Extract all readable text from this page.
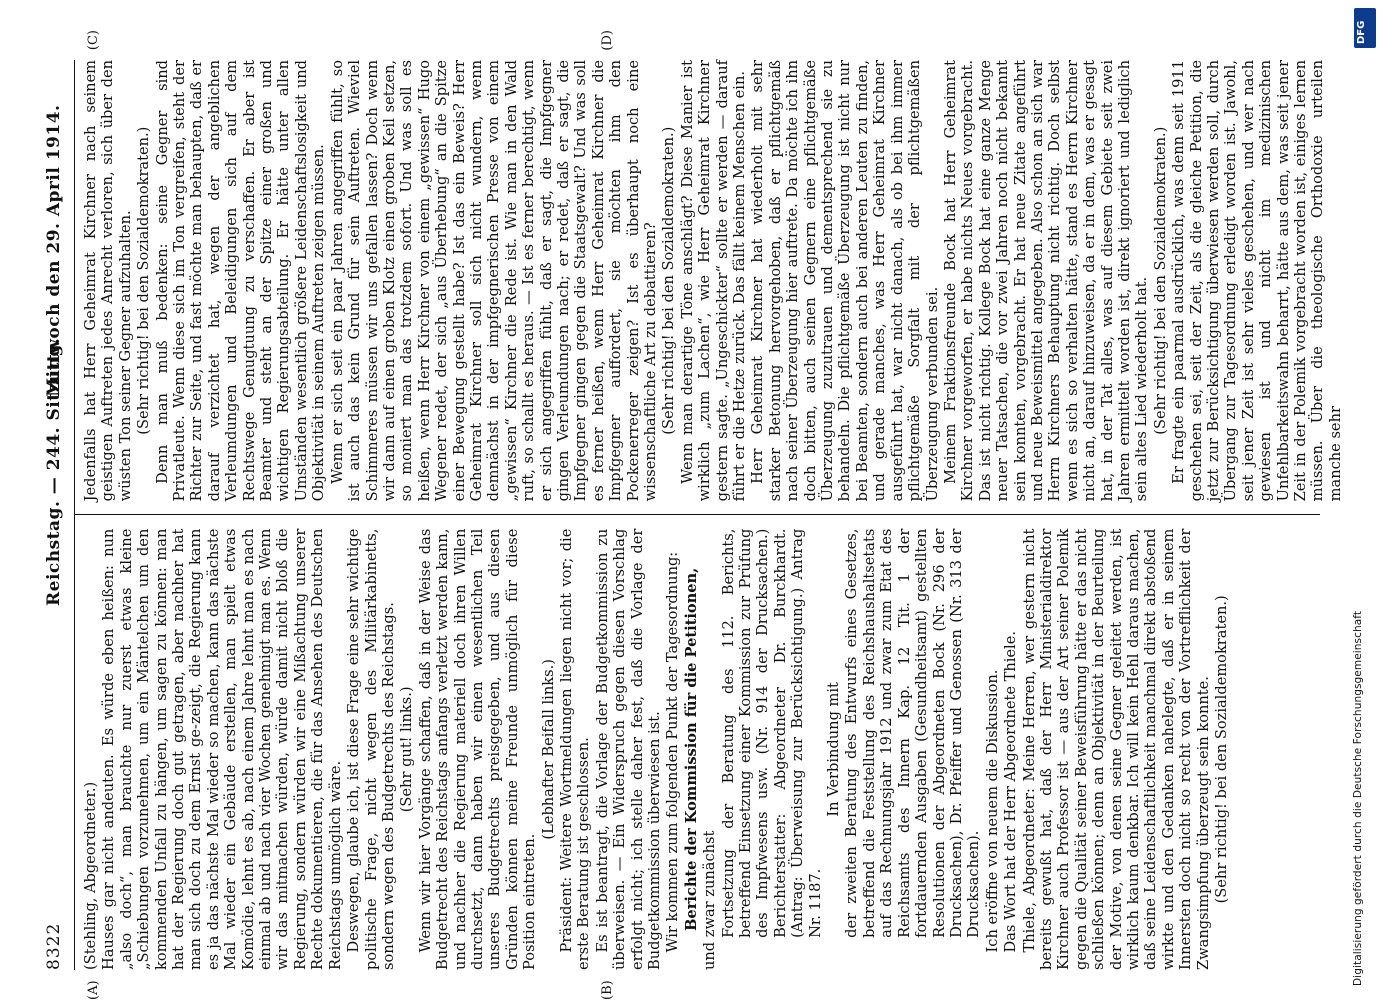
8322
Reichstag. — 244. Sitzung.
Mittwoch den 29. April 1914.
(A)	(B)
(C)	(D)

(Stehling, Abgeordneter.) Hauses gar nicht andeuten. Es würde eben heißen: nun „also doch“, man brauchte nur zuerst etwas kleine „Schiebungen vorzunehmen, um ein Mäntelchen um den kommenden Unfall zu hängen, um sagen zu können: man hat der Regierung doch gut getragen, aber nachher hat man sich doch zu dem Ernst ge-zeigt, die Regierung kann es ja das nächste Mal wieder so machen, kann das nächste Mal wieder ein Gebäude erstellen, man spielt etwas Komödie, lehnt es ab, nach einem Jahre lehnt man es nach einmal ab und nach vier Wochen genehmigt man es. Wenn wir das mitmachen würden, würde damit nicht bloß die Regierung, sondern würden wir eine Mißachtung unserer Rechte dokumentieren, die für das Ansehen des Deutschen Reichstags unmöglich wäre. Deswegen, glaube ich, ist diese Frage eine sehr wichtige politische Frage, nicht wegen des Militärkabinetts, sondern wegen des Budgetrechts des Reichstags. (Sehr gut! links.) Wenn wir hier Vorgänge schaffen, daß in der Weise das Budgetrecht des Reichstags anfangs verletzt werden kann, und nachher die Regierung materiell doch ihren Willen durchsetzt, dann haben wir einen wesentlichen Teil unseres Budgetrechts preisgegeben, und aus diesen Gründen können meine Freunde unmöglich für diese Position eintreten.

(Lebhafter Beifall links.) Präsident: Weitere Wortmeldungen liegen nicht vor; die erste Beratung ist geschlossen. Es ist beantragt, die Vorlage der Budgetkommission zu überweisen. — Ein Widerspruch gegen diesen Vorschlag erfolgt nicht; ich stelle daher fest, daß die Vorlage der Budgetkommission überwiesen ist. Wir kommen zum folgenden Punkt der Tagesordnung: Berichte der Kommission für die Petitionen, und zwar zunächst Fortsetzung der Beratung des 112. Berichts, betreffend Einsetzung einer Kommission zur Prüfung des Impfwesens usw. (Nr. 914 der Drucksachen.) Berichterstatter: Abgeordneter Dr. Burckhardt. (Antrag: Überweisung zur Berücksichtigung.) Antrag Nr. 1187.

In Verbindung mit der zweiten Beratung des Entwurfs eines Gesetzes, betreffend die Feststellung des Reichshaushaltsetats auf das Rechnungsjahr 1912 und zwar zum Etat des Reichsamts des Innern Kap. 12 Tit. 1 der fortdauernden Ausgaben (Gesundheitsamt) gestellten Resolutionen der Abgeordneten Bock (Nr. 296 der Drucksachen), Dr. Pfeiffer und Genossen (Nr. 313 der Drucksachen). Ich eröffne von neuem die Diskussion. Das Wort hat der Herr Abgeordnete Thiele. Thiele, Abgeordneter: Meine Herren, wer gestern nicht bereits gewußt hat, daß der Herr Ministerialdirektor Kirchner auch Professor ist — aus der Art seiner Polemik gegen die Qualität seiner Beweisführung hätte er das nicht schließen können; denn an Objektivität in der Beurteilung der Motive, von denen seine Gegner geleitet werden, ist wirklich kaum denkbar. Ich will kein Hehl daraus machen, daß seine Leidenschaftlichkeit manchmal direkt abstoßend wirkte und den Gedanken nahelegte, daß er in seinem Innersten doch nicht so recht von der Vortrefflichkeit der Zwangsimpfung überzeugt sein konnte. (Sehr richtig! bei den Sozialdemokraten.)

Jedenfalls hat Herr Geheimrat Kirchner nach seinem geistigen Auftreten jedes Anrecht verloren, sich über den wüsten Ton seiner Gegner aufzuhalten. (Sehr richtig! bei den Sozialdemokraten.) Denn man muß bedenken: seine Gegner sind Privatleute. Wenn diese sich im Ton vergreifen, steht der Richter zur Seite, und fast möchte man behaupten, daß er darauf verzichtet hat, wegen der angeblichen Verleumdungen und Beleidigungen sich auf dem Rechtswege Genugtuung zu verschaffen. Er aber ist Beamter und steht an der Spitze einer großen und wichtigen Regierungsabteilung. Er hätte unter allen Umständen wesentlich größere Leidenschaftslosigkeit und Objektivität in seinem Auftreten zeigen müssen. Wenn er sich seit ein paar Jahren angegriffen fühlt, so ist auch das kein Grund für sein Auftreten. Wieviel Schimmeres müssen wir uns gefallen lassen? Doch wenn wir dann auf einen groben Klotz einen groben Keil setzen, so moniert man das trotzdem sofort. Und was soll es heißen, wenn Herr Kirchner von einem „gewissen“ Hugo Wegener redet, der sich „aus Überhebung“ an die Spitze einer Bewegung gestellt habe? Ist das ein Beweis? Herr Geheimrat Kirchner soll sich nicht wundern, wenn demnächst in der impfgegnerischen Presse von einem „gewissen“ Kirchner die Rede ist. Wie man in den Wald ruft, so schallt es heraus. — Ist es ferner berechtigt, wenn er sich angegriffen fühlt, daß er sagt, die Impfgegner gingen Verleumdungen nach; er redet, daß er sagt, die Impfgegner gingen gegen die Staatsgewalt? Und was soll es ferner heißen, wenn Herr Geheimrat Kirchner die Impfgegner auffordert, sie möchten ihm den Pockenerreger zeigen? Ist es überhaupt noch eine wissenschaftliche Art zu debattieren? (Sehr richtig! bei den Sozialdemokraten.) Wenn man derartige Töne anschlägt? Diese Manier ist wirklich „zum Lachen“, wie Herr Geheimrat Kirchner gestern sagte. „Ungeschickter“ sollte er werden — darauf führt er die Hetze zurück. Das fällt keinem Menschen ein. Herr Geheimrat Kirchner hat wiederholt mit sehr starker Betonung hervorgehoben, daß er pflichtgemäß nach seiner Überzeugung hier auftrete. Da möchte ich ihn doch bitten, auch seinen Gegnern eine pflichtgemäße Überzeugung zuzutrauen und dementsprechend sie zu behandeln. Die pflichtgemäße Überzeugung ist nicht nur bei Beamten, sondern auch bei anderen Leuten zu finden, und gerade manches, was Herr Geheimrat Kirchner ausgeführt hat, war nicht danach, als ob bei ihm immer pflichtgemäße Sorgfalt mit der pflichtgemäßen Überzeugung verbunden sei. Meinem Fraktionsfreunde Bock hat Herr Geheimrat Kirchner vorgeworfen, er habe nichts Neues vorgebracht. Das ist nicht richtig. Kollege Bock hat eine ganze Menge neuer Tatsachen, die vor zwei Jahren noch nicht bekannt sein konnten, vorgebracht. Er hat neue Zitate angeführt und neue Beweismittel angegeben. Also schon an sich war Herrn Kirchners Behauptung nicht richtig. Doch selbst wenn es sich so verhalten hätte, stand es Herrn Kirchner nicht an, darauf hinzuweisen, da er in dem, was er gesagt hat, in der Tat alles, was auf diesem Gebiete seit zwei Jahren ermittelt worden ist, direkt ignoriert und lediglich sein altes Lied wiederholt hat. (Sehr richtig! bei den Sozialdemokraten.) Er fragte ein paarmal ausdrücklich, was denn seit 1911 geschehen sei, seit der Zeit, als die gleiche Petition, die jetzt zur Berücksichtigung überwiesen werden soll, durch Übergang zur Tagesordnung erledigt worden ist. Jawohl, seit jener Zeit ist sehr vieles geschehen, und wer nach gewiesen ist und nicht im medizinischen Unfehlbarkeitswahn beharrt, hätte aus dem, was seit jener Zeit in der Polemik vorgebracht worden ist, einiges lernen müssen. Über die theologische Orthodoxie urteilen manche sehr

DFG
Digitalisierung gefördert durch die Deutsche Forschungsgemeinschaft
